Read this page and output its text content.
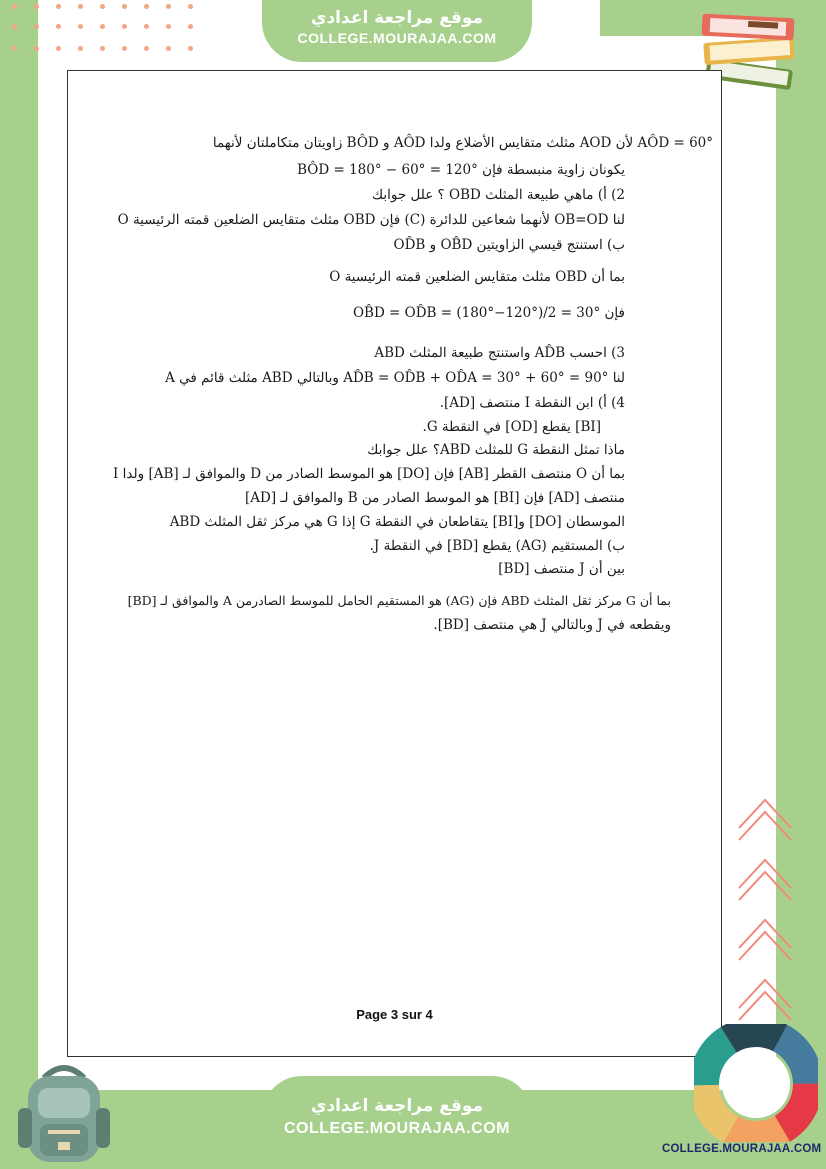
موقع مراجعة اعدادي
COLLEGE.MOURAJAA.COM
AÔD = 60° لأن AOD مثلث متقايس الأضلاع ولدا AÔD و BÔD زاويتان متكاملتان لأنهما
يكونان زاوية منبسطة فإن BÔD = 180° − 60° = 120°
2) أ) ماهي طبيعة المثلث OBD ؟ علل جوابك
لنا OB=OD لأنهما شعاعين للدائرة (C) فإن OBD مثلث متقايس الضلعين قمته الرئيسية O
ب) استنتج قيسي الزاويتين OB̂D و OD̂B
بما أن OBD مثلث متقايس الضلعين قمته الرئيسية O
فإن OB̂D = OD̂B = (180°−120°)/2 = 30°
3) احسب AD̂B واستنتج طبيعة المثلث ABD
لنا AD̂B = OD̂B + OD̂A = 30° + 60° = 90° وبالتالي ABD مثلث قائم في A
4) أ) ابن النقطة I منتصف [AD].
[BI] يقطع [OD] في النقطة G.
ماذا تمثل النقطة G للمثلث ABD؟ علل جوابك
بما أن O منتصف القطر [AB] فإن [DO] هو الموسط الصادر من D والموافق لـ [AB] ولدا I
منتصف [AD] فإن [BI] هو الموسط الصادر من B والموافق لـ [AD]
الموسطان [DO] و[BI] يتقاطعان في النقطة G إذا G هي مركز ثقل المثلث ABD
ب) المستقيم (AG) يقطع [BD] في النقطة J.
بين أن J منتصف [BD]
بما أن G مركز ثقل المثلث ABD فإن (AG) هو المستقيم الحامل للموسط الصادرمن A والموافق لـ [BD]
ويقطعه في J وبالتالي J هي منتصف [BD].
Page 3 sur 4
موقع مراجعة اعدادي
COLLEGE.MOURAJAA.COM
COLLEGE.MOURAJAA.COM
